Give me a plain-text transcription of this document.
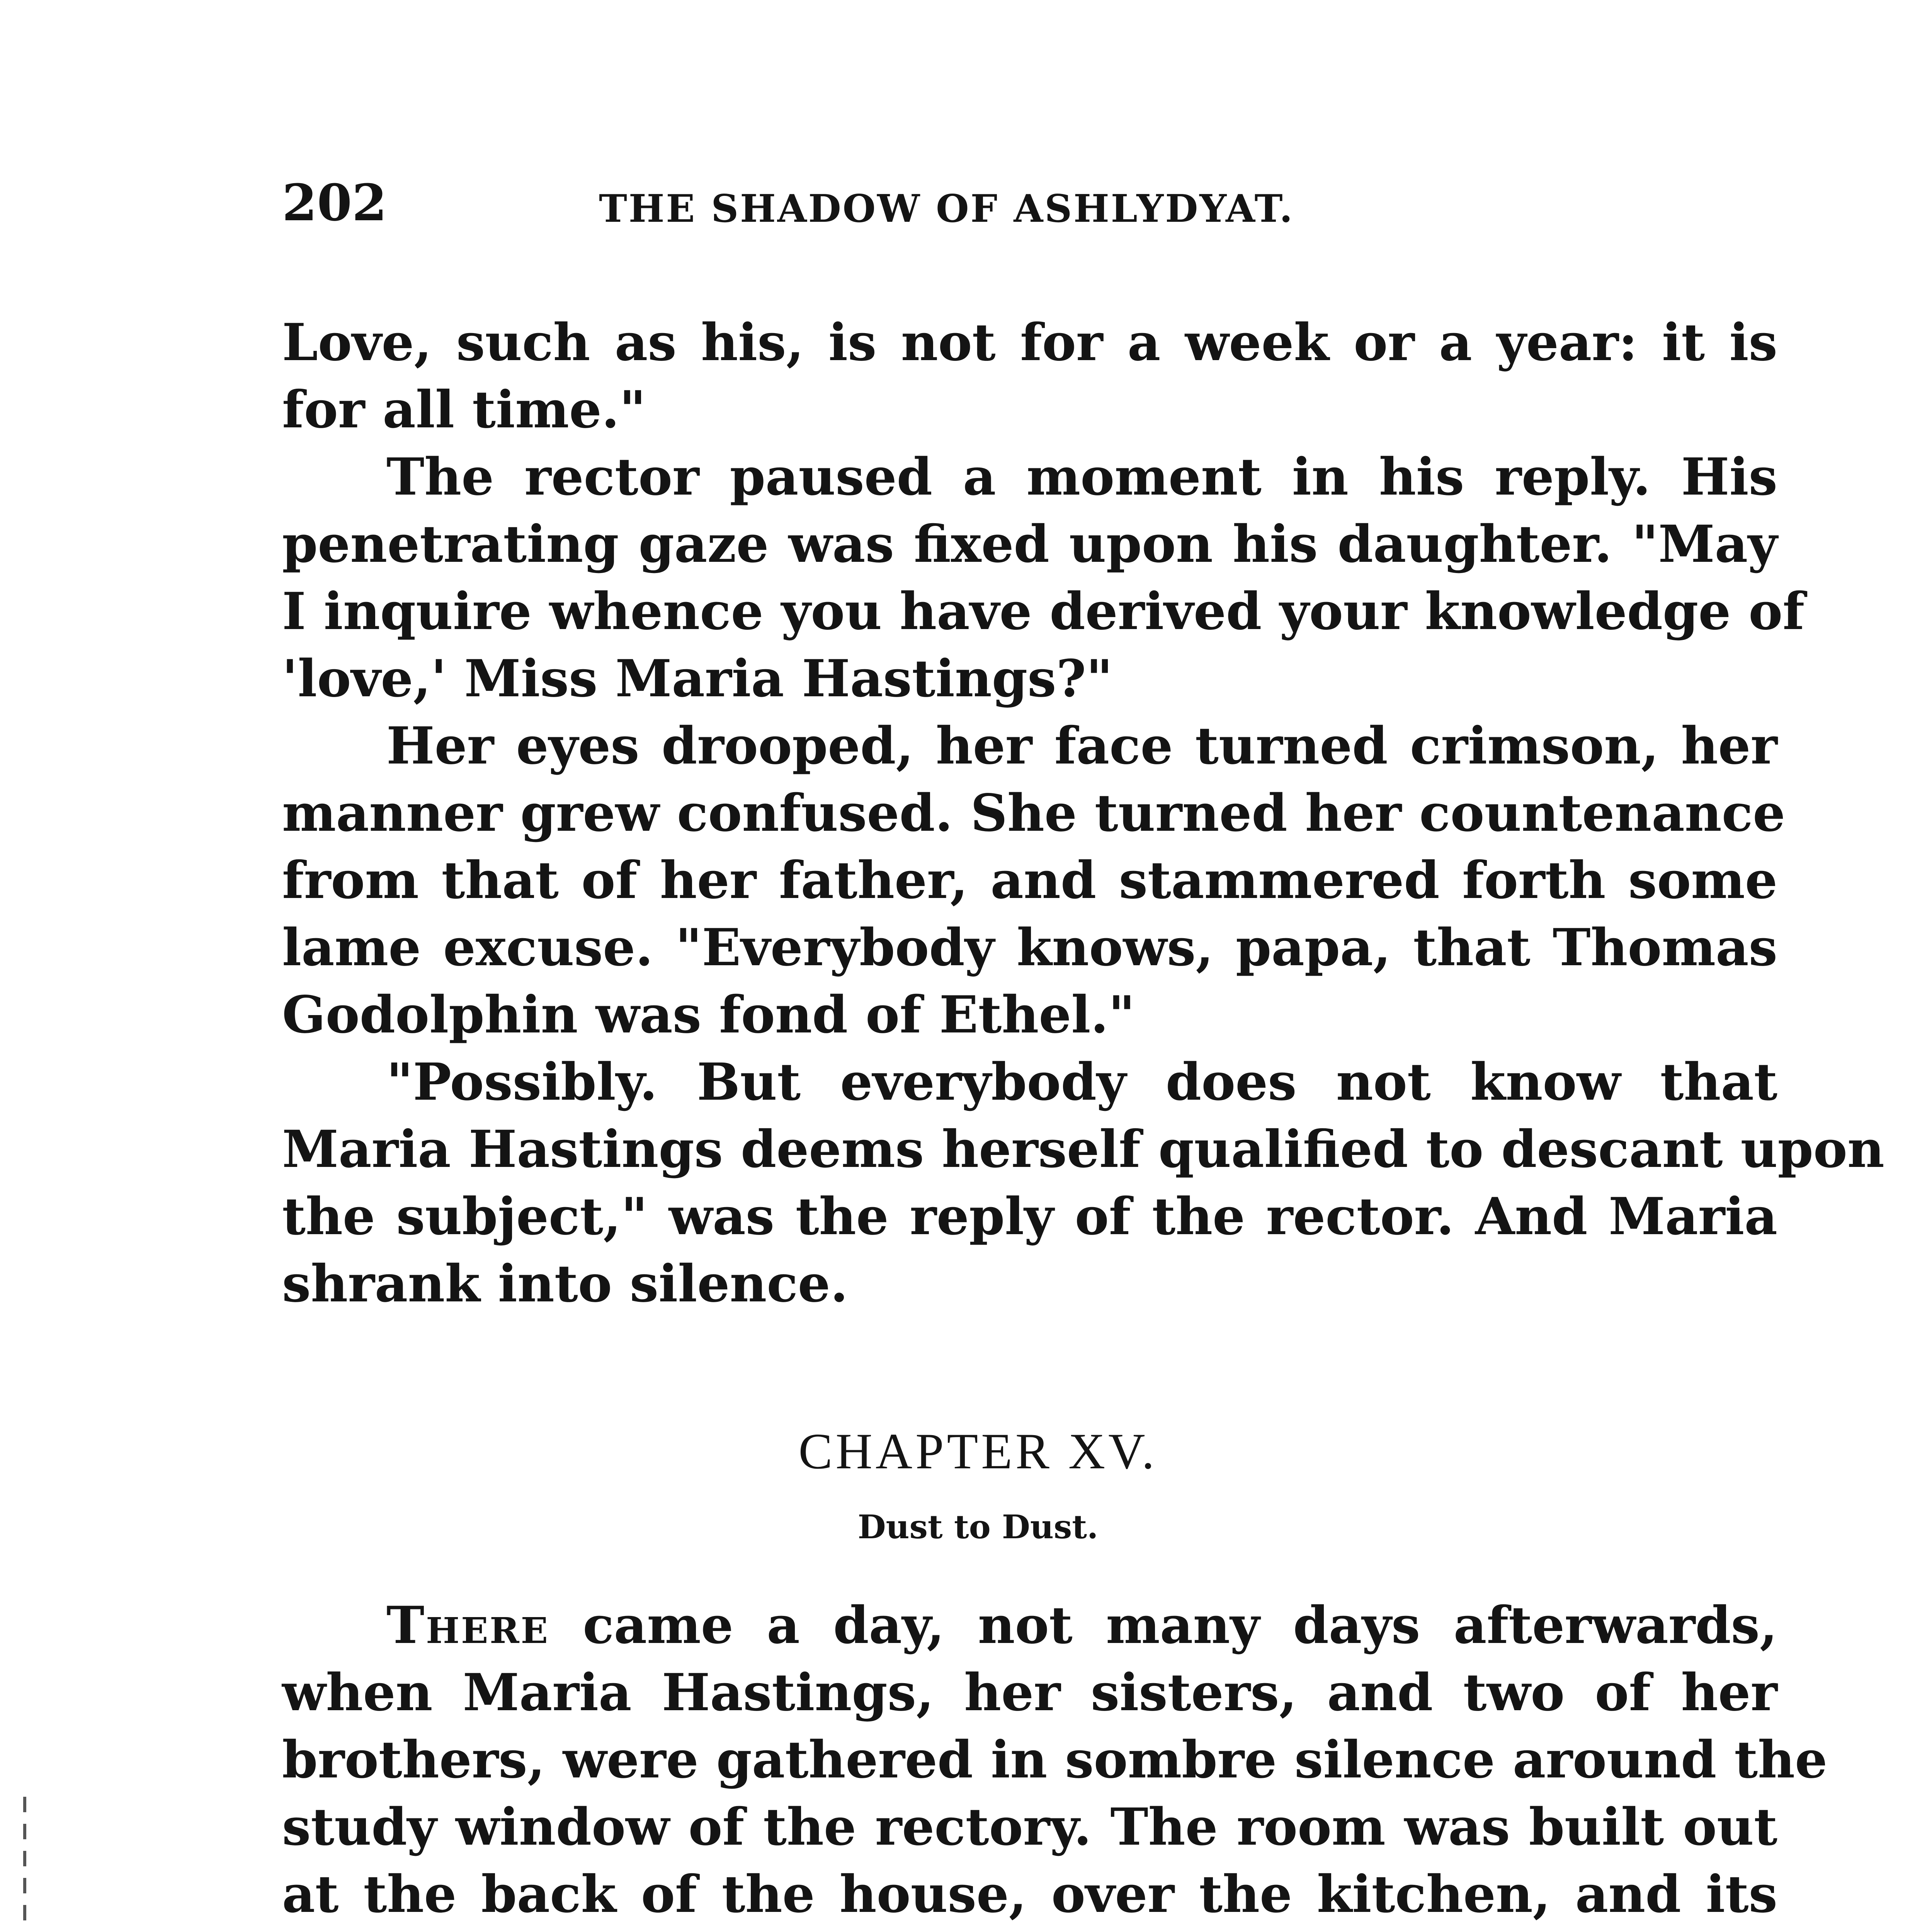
202	THE SHADOW OF ASHLYDYAT.
Love, such as his, is not for a week or a year: it is
for all time."
The rector paused a moment in his reply. His
penetrating gaze was fixed upon his daughter. "May
I inquire whence you have derived your knowledge of
'love,' Miss Maria Hastings?"
Her eyes drooped, her face turned crimson, her
manner grew confused. She turned her countenance
from that of her father, and stammered forth some
lame excuse. "Everybody knows, papa, that Thomas
Godolphin was fond of Ethel."
"Possibly. But everybody does not know that
Maria Hastings deems herself qualified to descant upon
the subject," was the reply of the rector. And Maria
shrank into silence.
CHAPTER XV.
Dust to Dust.
There came a day, not many days afterwards,
when Maria Hastings, her sisters, and two of her
brothers, were gathered in sombre silence around the
study window of the rectory. The room was built out
at the back of the house, over the kitchen, and its
